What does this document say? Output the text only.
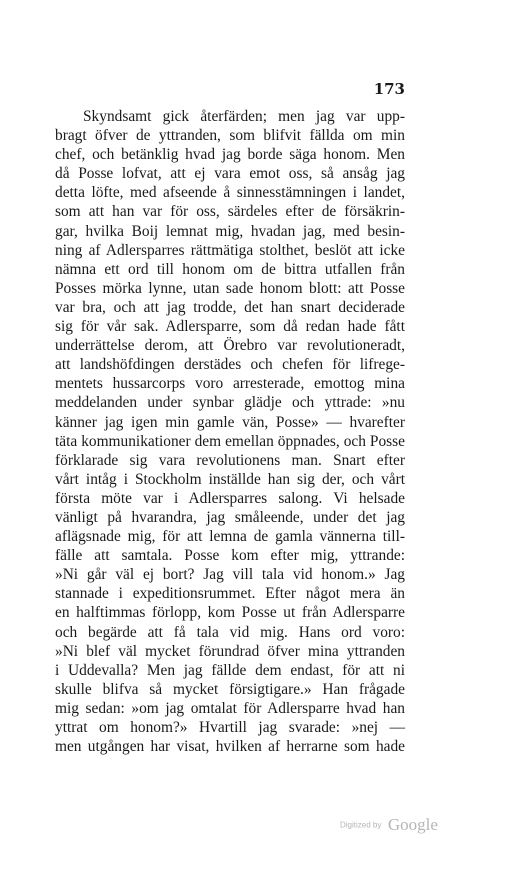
173
Skyndsamt gick återfärden; men jag var upp-
bragt öfver de yttranden, som blifvit fällda om min
chef, och betänklig hvad jag borde säga honom. Men
då Posse lofvat, att ej vara emot oss, så ansåg jag
detta löfte, med afseende å sinnesstämningen i landet,
som att han var för oss, särdeles efter de försäkrin-
gar, hvilka Boij lemnat mig, hvadan jag, med besin-
ning af Adlersparres rättmätiga stolthet, beslöt att icke
nämna ett ord till honom om de bittra utfallen från
Posses mörka lynne, utan sade honom blott: att Posse
var bra, och att jag trodde, det han snart deciderade
sig för vår sak. Adlersparre, som då redan hade fått
underrättelse derom, att Örebro var revolutioneradt,
att landshöfdingen derstädes och chefen för lifrege-
mentets hussarcorps voro arresterade, emottog mina
meddelanden under synbar glädje och yttrade: »nu
känner jag igen min gamle vän, Posse» — hvarefter
täta kommunikationer dem emellan öppnades, och Posse
förklarade sig vara revolutionens man. Snart efter
vårt intåg i Stockholm inställde han sig der, och vårt
första möte var i Adlersparres salong. Vi helsade
vänligt på hvarandra, jag småleende, under det jag
aflägsnade mig, för att lemna de gamla vännerna till-
fälle att samtala. Posse kom efter mig, yttrande:
»Ni går väl ej bort? Jag vill tala vid honom.» Jag
stannade i expeditionsrummet. Efter något mera än
en halftimmas förlopp, kom Posse ut från Adlersparre
och begärde att få tala vid mig. Hans ord voro:
»Ni blef väl mycket förundrad öfver mina yttranden
i Uddevalla? Men jag fällde dem endast, för att ni
skulle blifva så mycket försigtigare.» Han frågade
mig sedan: »om jag omtalat för Adlersparre hvad han
yttrat om honom?» Hvartill jag svarade: »nej —
men utgången har visat, hvilken af herrarne som hade
Digitized by Google
